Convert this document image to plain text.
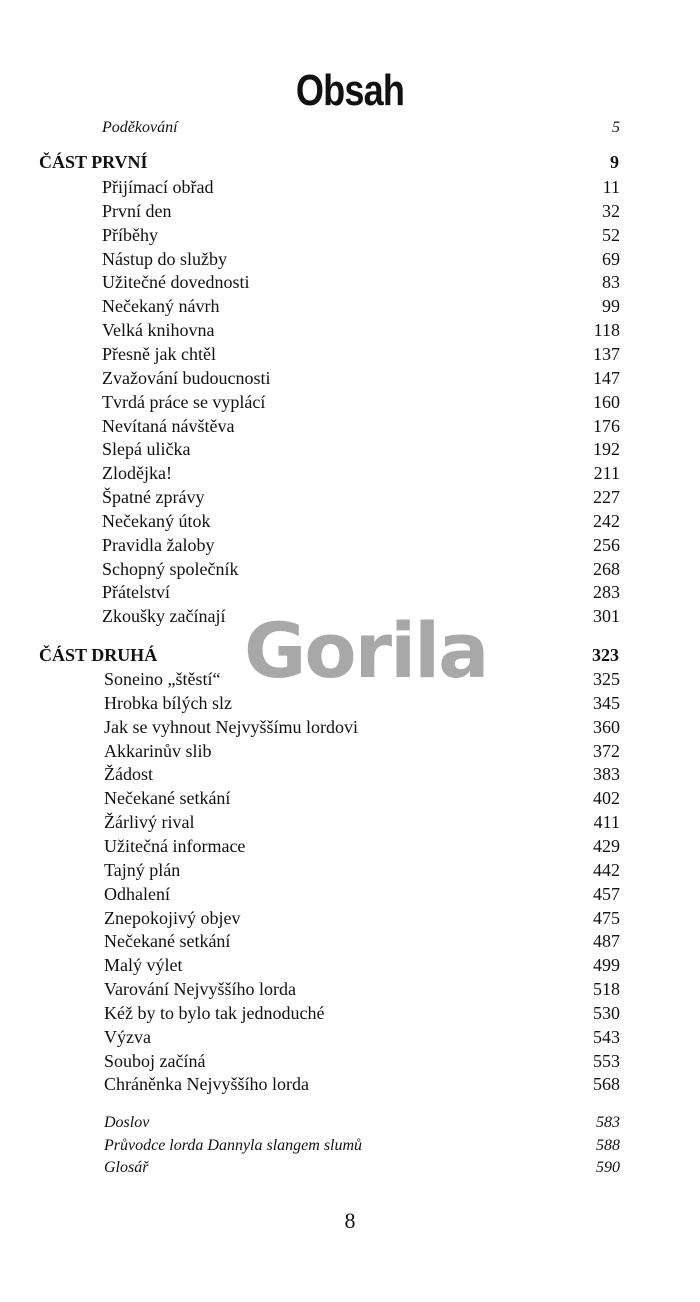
Obsah
Gorila
Poděkování	5
ČÁST PRVNÍ	9
Přijímací obřad	11
První den	32
Příběhy	52
Nástup do služby	69
Užitečné dovednosti	83
Nečekaný návrh	99
Velká knihovna	118
Přesně jak chtěl	137
Zvažování budoucnosti	147
Tvrdá práce se vyplácí	160
Nevítaná návštěva	176
Slepá ulička	192
Zlodějka!	211
Špatné zprávy	227
Nečekaný útok	242
Pravidla žaloby	256
Schopný společník	268
Přátelství	283
Zkoušky začínají	301
ČÁST DRUHÁ	323
Soneino „štěstí“	325
Hrobka bílých slz	345
Jak se vyhnout Nejvyššímu lordovi	360
Akkarinův slib	372
Žádost	383
Nečekané setkání	402
Žárlivý rival	411
Užitečná informace	429
Tajný plán	442
Odhalení	457
Znepokojivý objev	475
Nečekané setkání	487
Malý výlet	499
Varování Nejvyššího lorda	518
Kéž by to bylo tak jednoduché	530
Výzva	543
Souboj začíná	553
Chráněnka Nejvyššího lorda	568
Doslov	583
Průvodce lorda Dannyla slangem slumů	588
Glosář	590
8
